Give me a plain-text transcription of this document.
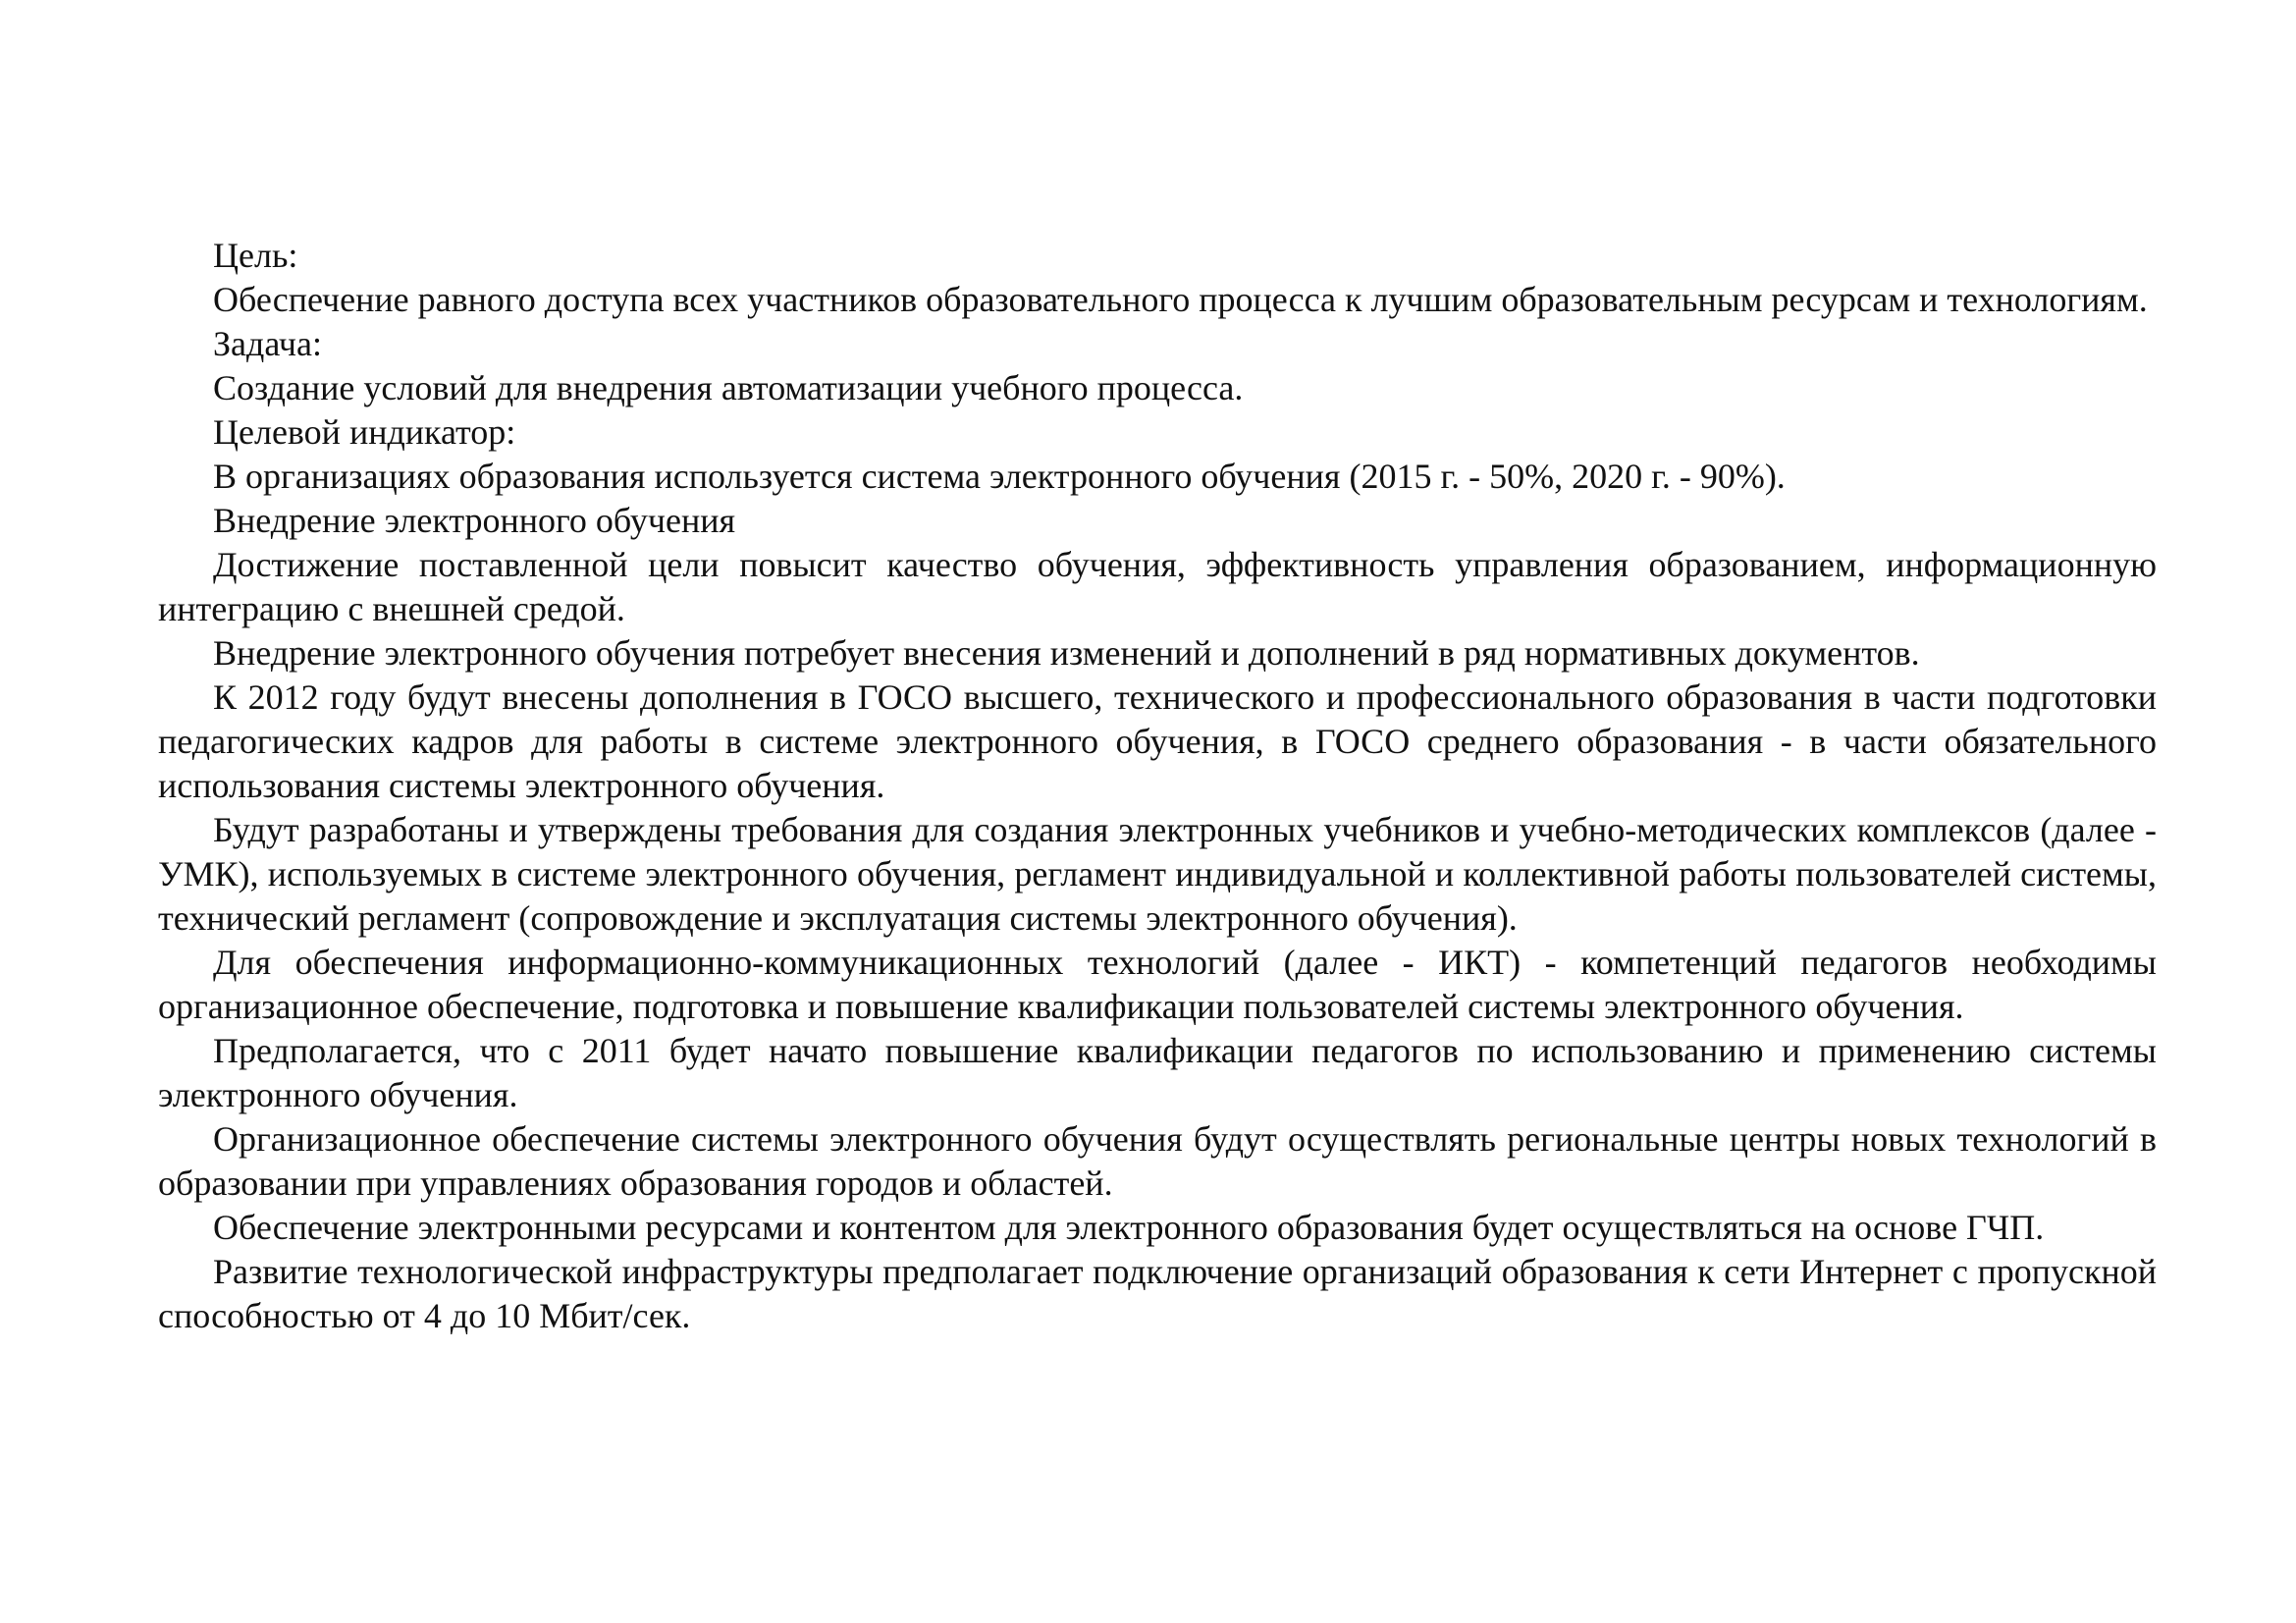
Цель:

Обеспечение равного доступа всех участников образовательного процесса к лучшим образовательным ресурсам и технологиям.

Задача:

Создание условий для внедрения автоматизации учебного процесса.

Целевой индикатор:

В организациях образования используется система электронного обучения (2015 г. - 50%, 2020 г. - 90%).

Внедрение электронного обучения

Достижение поставленной цели повысит качество обучения, эффективность управления образованием, информационную интеграцию с внешней средой.

Внедрение электронного обучения потребует внесения изменений и дополнений в ряд нормативных документов.

К 2012 году будут внесены дополнения в ГОСО высшего, технического и профессионального образования в части подготовки педагогических кадров для работы в системе электронного обучения, в ГОСО среднего образования - в части обязательного использования системы электронного обучения.

Будут разработаны и утверждены требования для создания электронных учебников и учебно-методических комплексов (далее - УМК), используемых в системе электронного обучения, регламент индивидуальной и коллективной работы пользователей системы, технический регламент (сопровождение и эксплуатация системы электронного обучения).

Для обеспечения информационно-коммуникационных технологий (далее - ИКТ) - компетенций педагогов необходимы организационное обеспечение, подготовка и повышение квалификации пользователей системы электронного обучения.

Предполагается, что с 2011 будет начато повышение квалификации педагогов по использованию и применению системы электронного обучения.

Организационное обеспечение системы электронного обучения будут осуществлять региональные центры новых технологий в образовании при управлениях образования городов и областей.

Обеспечение электронными ресурсами и контентом для электронного образования будет осуществляться на основе ГЧП.

Развитие технологической инфраструктуры предполагает подключение организаций образования к сети Интернет с пропускной способностью от 4 до 10 Мбит/сек.
